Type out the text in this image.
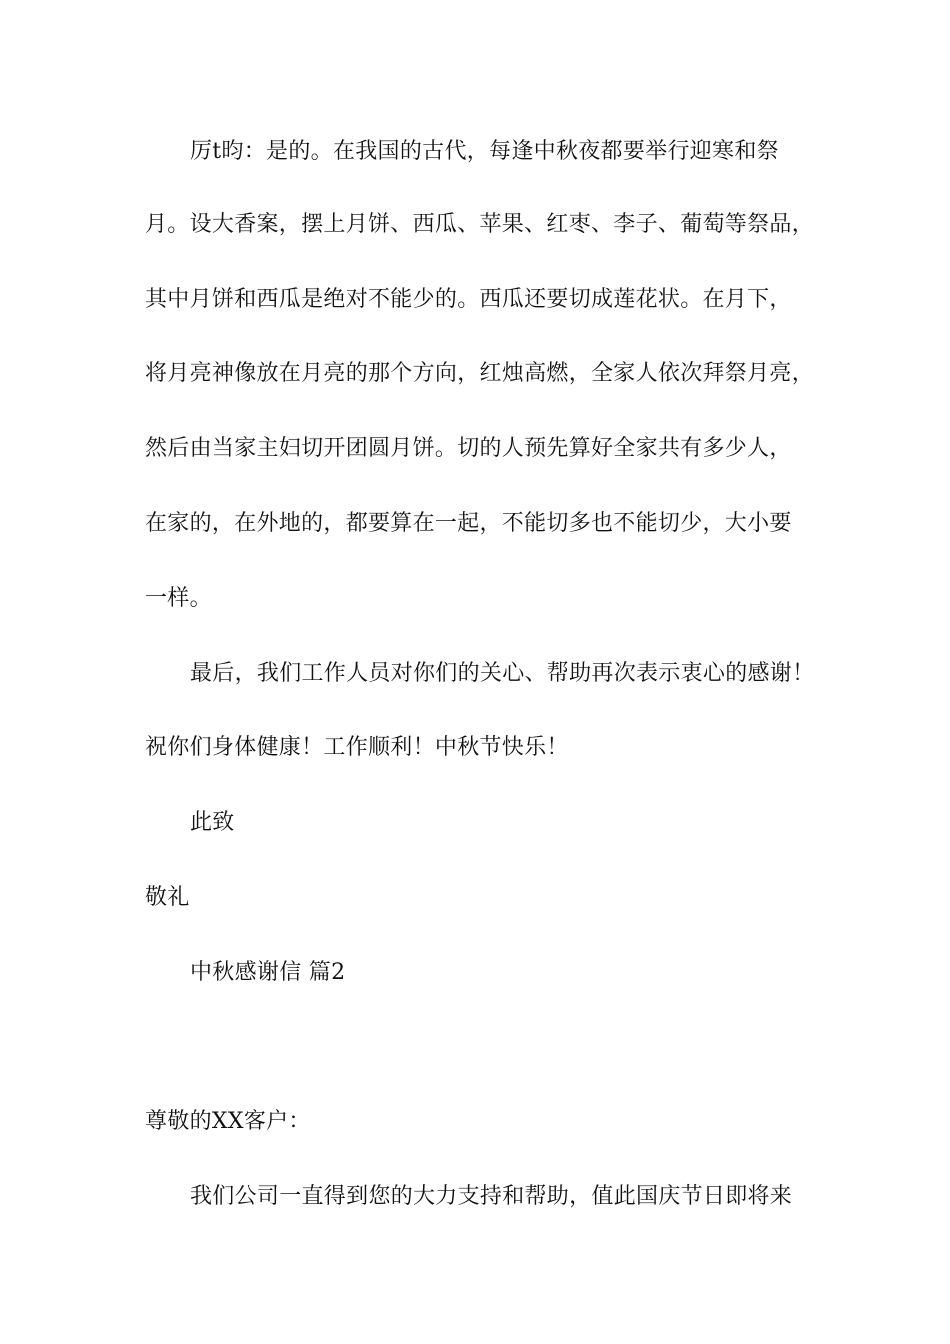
厉t昀：是的。在我国的古代，每逢中秋夜都要举行迎寒和祭
月。设大香案，摆上月饼、西瓜、苹果、红枣、李子、葡萄等祭品，
其中月饼和西瓜是绝对不能少的。西瓜还要切成莲花状。在月下，
将月亮神像放在月亮的那个方向，红烛高燃，全家人依次拜祭月亮，
然后由当家主妇切开团圆月饼。切的人预先算好全家共有多少人，
在家的，在外地的，都要算在一起，不能切多也不能切少，大小要
一样。
最后，我们工作人员对你们的关心、帮助再次表示衷心的感谢！
祝你们身体健康！工作顺利！中秋节快乐！
此致
敬礼
中秋感谢信 篇2
尊敬的XX客户：
我们公司一直得到您的大力支持和帮助，值此国庆节日即将来
